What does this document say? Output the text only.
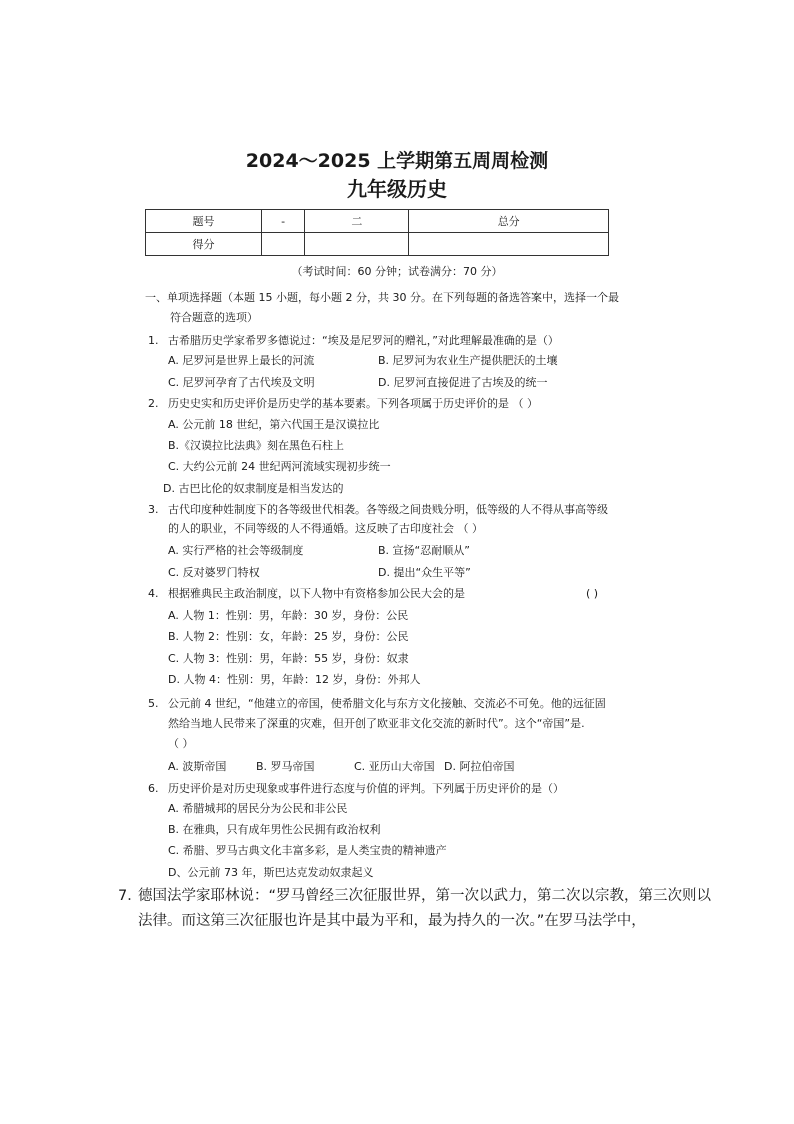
2024～2025 上学期第五周周检测
九年级历史
题号	-	二	总分
得分			
（考试时间：60 分钟；试卷满分：70 分）
一、单项选择题（本题 15 小题，每小题 2 分，共 30 分。在下列每题的备选答案中，选择一个最
符合题意的选项）
1. 古希腊历史学家希罗多德说过：“埃及是尼罗河的赠礼，”对此理解最准确的是（）
A. 尼罗河是世界上最长的河流	B. 尼罗河为农业生产提供肥沃的土壤
C. 尼罗河孕育了古代埃及文明	D. 尼罗河直接促进了古埃及的统一
2. 历史史实和历史评价是历史学的基本要素。下列各项属于历史评价的是 （ ）
A. 公元前 18 世纪，第六代国王是汉谟拉比
B.《汉谟拉比法典》刻在黑色石柱上
C. 大约公元前 24 世纪两河流域实现初步统一
D. 古巴比伦的奴隶制度是相当发达的
3. 古代印度种姓制度下的各等级世代相袭。各等级之间贵贱分明，低等级的人不得从事高等级
的人的职业，不同等级的人不得通婚。这反映了古印度社会 （ ）
A. 实行严格的社会等级制度	B. 宣扬“忍耐顺从”
C. 反对婆罗门特权	D. 提出“众生平等”
4. 根据雅典民主政治制度，以下人物中有资格参加公民大会的是	( )
A. 人物 1：性别：男，年龄：30 岁，身份：公民
B. 人物 2：性别：女，年龄：25 岁，身份：公民
C. 人物 3：性别：男，年龄：55 岁，身份：奴隶
D. 人物 4：性别：男，年龄：12 岁，身份：外邦人
5. 公元前 4 世纪，“他建立的帝国，使希腊文化与东方文化接触、交流必不可免。他的远征固
然给当地人民带来了深重的灾难，但开创了欧亚非文化交流的新时代”。这个“帝国”是.
（ ）
A. 波斯帝国	B. 罗马帝国	C. 亚历山大帝国 D. 阿拉伯帝国
6. 历史评价是对历史现象或事件进行态度与价值的评判。下列属于历史评价的是（）
A. 希腊城邦的居民分为公民和非公民
B. 在雅典，只有成年男性公民拥有政治权利
C. 希腊、罗马古典文化丰富多彩，是人类宝贵的精神遗产
D、公元前 73 年，斯巴达克发动奴隶起义
7．
德国法学家耶林说：“罗马曾经三次征服世界，第一次以武力，第二次以宗教，第三次则以
法律。而这第三次征服也许是其中最为平和，最为持久的一次。”在罗马法学中，
